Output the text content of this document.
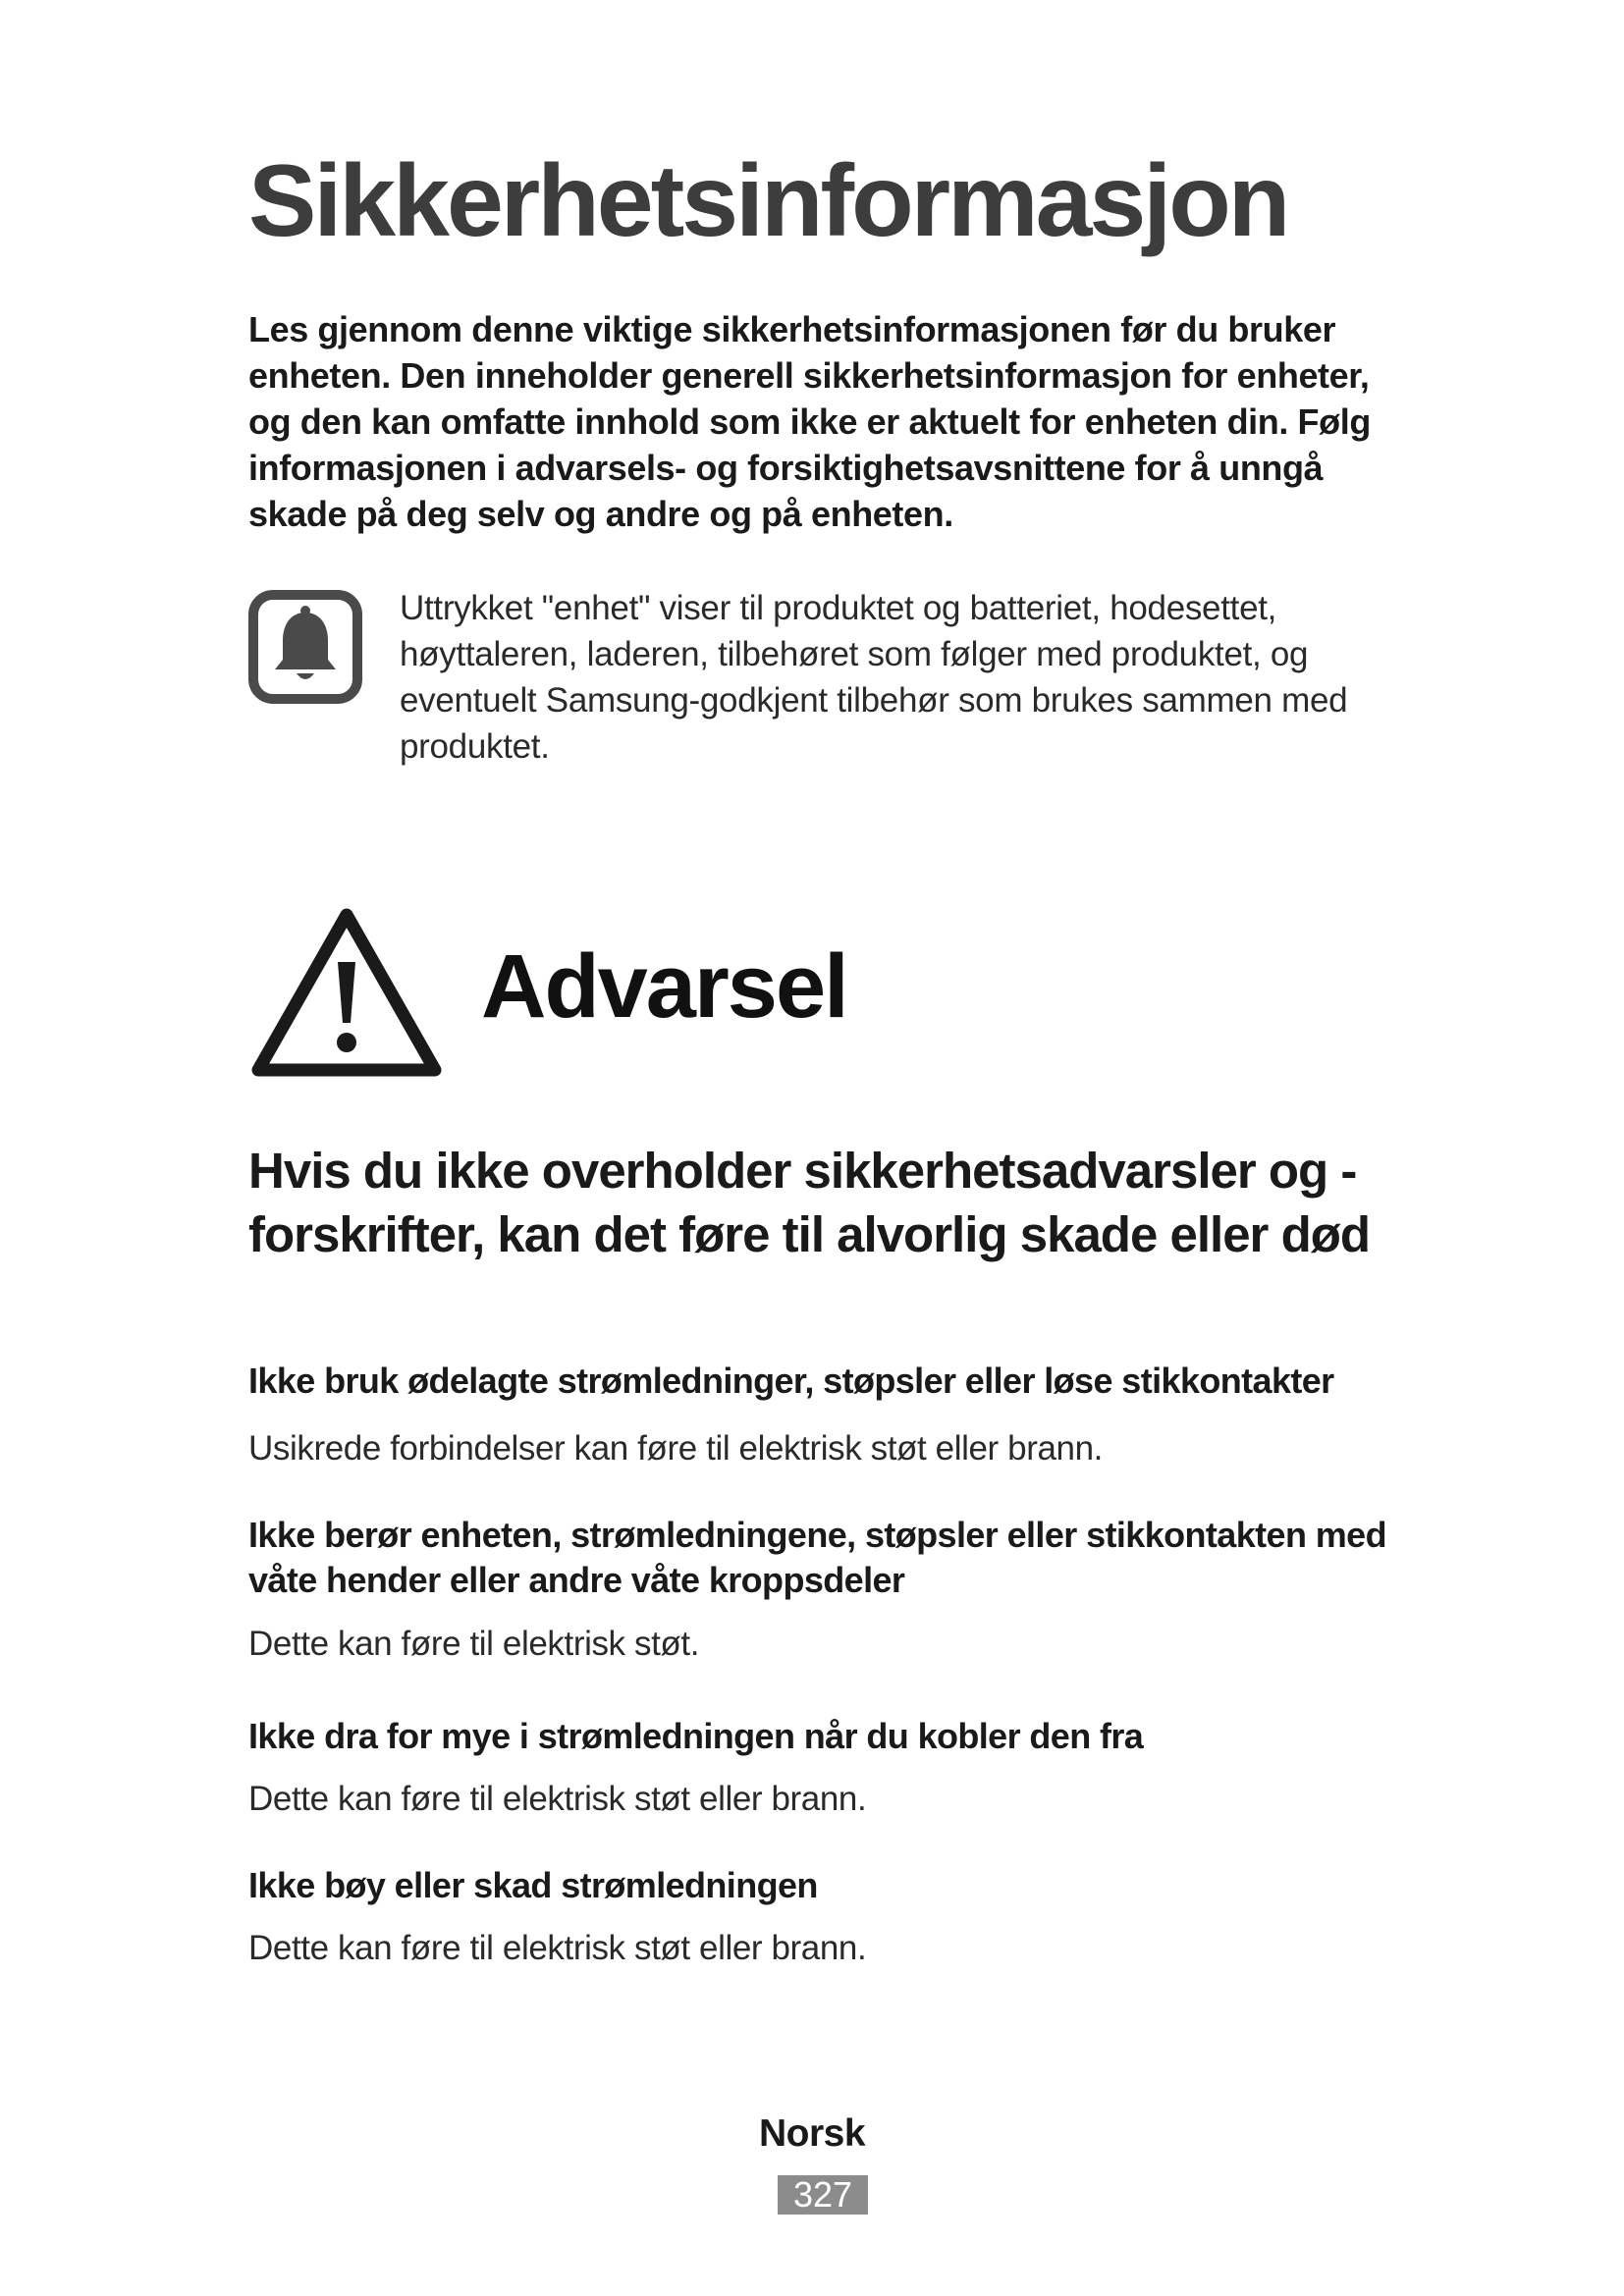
Sikkerhetsinformasjon

Les gjennom denne viktige sikkerhetsinformasjonen før du bruker enheten. Den inneholder generell sikkerhetsinformasjon for enheter, og den kan omfatte innhold som ikke er aktuelt for enheten din. Følg informasjonen i advarsels- og forsiktighetsavsnittene for å unngå skade på deg selv og andre og på enheten.

Uttrykket "enhet" viser til produktet og batteriet, hodesettet, høyttaleren, laderen, tilbehøret som følger med produktet, og eventuelt Samsung-godkjent tilbehør som brukes sammen med produktet.

Advarsel
Hvis du ikke overholder sikkerhetsadvarsler og -forskrifter, kan det føre til alvorlig skade eller død
Ikke bruk ødelagte strømledninger, støpsler eller løse stikkontakter

Usikrede forbindelser kan føre til elektrisk støt eller brann.

Ikke berør enheten, strømledningene, støpsler eller stikkontakten med våte hender eller andre våte kroppsdeler

Dette kan føre til elektrisk støt.

Ikke dra for mye i strømledningen når du kobler den fra

Dette kan føre til elektrisk støt eller brann.

Ikke bøy eller skad strømledningen

Dette kan føre til elektrisk støt eller brann.

Norsk
327
